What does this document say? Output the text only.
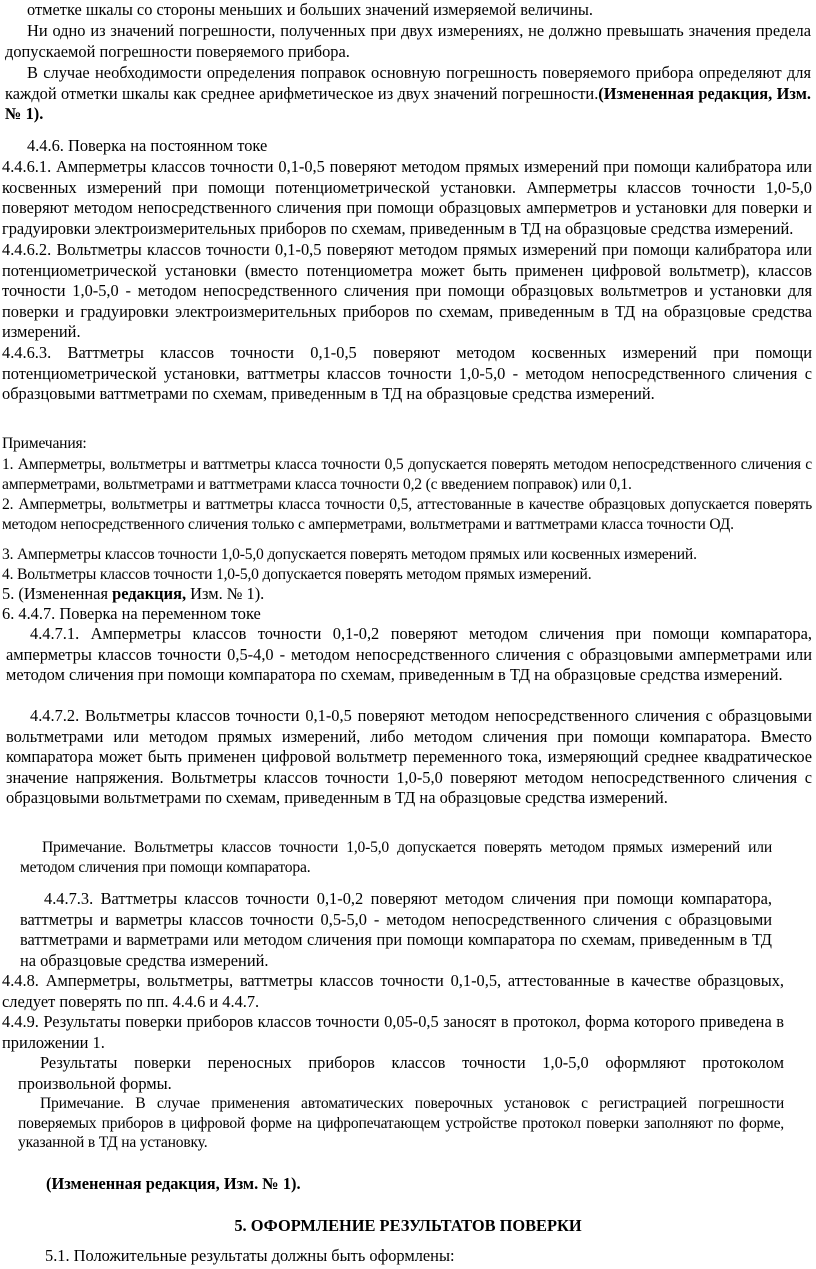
отметке шкалы со стороны меньших и больших значений измеряемой величины.

Ни одно из значений погрешности, полученных при двух измерениях, не должно превышать значения предела допускаемой погрешности поверяемого прибора.

В случае необходимости определения поправок основную погрешность поверяемого прибора определяют для каждой отметки шкалы как среднее арифметическое из двух значений погрешности.(Измененная редакция, Изм. № 1).

4.4.6. Поверка на постоянном токе

4.4.6.1. Амперметры классов точности 0,1-0,5 поверяют методом прямых измерений при помощи калибратора или косвенных измерений при помощи потенциометрической установки. Амперметры классов точности 1,0-5,0 поверяют методом непосредственного сличения при помощи образцовых амперметров и установки для поверки и градуировки электроизмерительных приборов по схемам, приведенным в ТД на образцовые средства измерений.

4.4.6.2. Вольтметры классов точности 0,1-0,5 поверяют методом прямых измерений при помощи калибратора или потенциометрической установки (вместо потенциометра может быть применен цифровой вольтметр), классов точности 1,0-5,0 - методом непосредственного сличения при помощи образцовых вольтметров и установки для поверки и градуировки электроизмерительных приборов по схемам, приведенным в ТД на образцовые средства измерений.

4.4.6.3. Ваттметры классов точности 0,1-0,5 поверяют методом косвенных измерений при помощи потенциометрической установки, ваттметры классов точности 1,0-5,0 - методом непосредственного сличения с образцовыми ваттметрами по схемам, приведенным в ТД на образцовые средства измерений.

Примечания:

1. Амперметры, вольтметры и ваттметры класса точности 0,5 допускается поверять методом непосредственного сличения с амперметрами, вольтметрами и ваттметрами класса точности 0,2 (с введением поправок) или 0,1.

2. Амперметры, вольтметры и ваттметры класса точности 0,5, аттестованные в качестве образцовых допускается поверять методом непосредственного сличения только с амперметрами, вольтметрами и ваттметрами класса точности ОД.

3. Амперметры классов точности 1,0-5,0 допускается поверять методом прямых или косвенных измерений.

4. Вольтметры классов точности 1,0-5,0 допускается поверять методом прямых измерений.

5. (Измененная редакция, Изм. № 1).

6. 4.4.7. Поверка на переменном токе

4.4.7.1. Амперметры классов точности 0,1-0,2 поверяют методом сличения при помощи компаратора, амперметры классов точности 0,5-4,0 - методом непосредственного сличения с образцовыми амперметрами или методом сличения при помощи компаратора по схемам, приведенным в ТД на образцовые средства измерений.

4.4.7.2. Вольтметры классов точности 0,1-0,5 поверяют методом непосредственного сличения с образцовыми вольтметрами или методом прямых измерений, либо методом сличения при помощи компаратора. Вместо компаратора может быть применен цифровой вольтметр переменного тока, измеряющий среднее квадратическое значение напряжения. Вольтметры классов точности 1,0-5,0 поверяют методом непосредственного сличения с образцовыми вольтметрами по схемам, приведенным в ТД на образцовые средства измерений.

Примечание. Вольтметры классов точности 1,0-5,0 допускается поверять методом прямых измерений или методом сличения при помощи компаратора.

4.4.7.3. Ваттметры классов точности 0,1-0,2 поверяют методом сличения при помощи компаратора, ваттметры и варметры классов точности 0,5-5,0 - методом непосредственного сличения с образцовыми ваттметрами и варметрами или методом сличения при помощи компаратора по схемам, приведенным в ТД на образцовые средства измерений.

4.4.8. Амперметры, вольтметры, ваттметры классов точности 0,1-0,5, аттестованные в качестве образцовых, следует поверять по пп. 4.4.6 и 4.4.7.

4.4.9. Результаты поверки приборов классов точности 0,05-0,5 заносят в протокол, форма которого приведена в приложении 1.

Результаты поверки переносных приборов классов точности 1,0-5,0 оформляют протоколом произвольной формы.

Примечание. В случае применения автоматических поверочных установок с регистрацией погрешности поверяемых приборов в цифровой форме на цифропечатающем устройстве протокол поверки заполняют по форме, указанной в ТД на установку.

(Измененная редакция, Изм. № 1).

5. ОФОРМЛЕНИЕ РЕЗУЛЬТАТОВ ПОВЕРКИ

5.1. Положительные результаты должны быть оформлены:
